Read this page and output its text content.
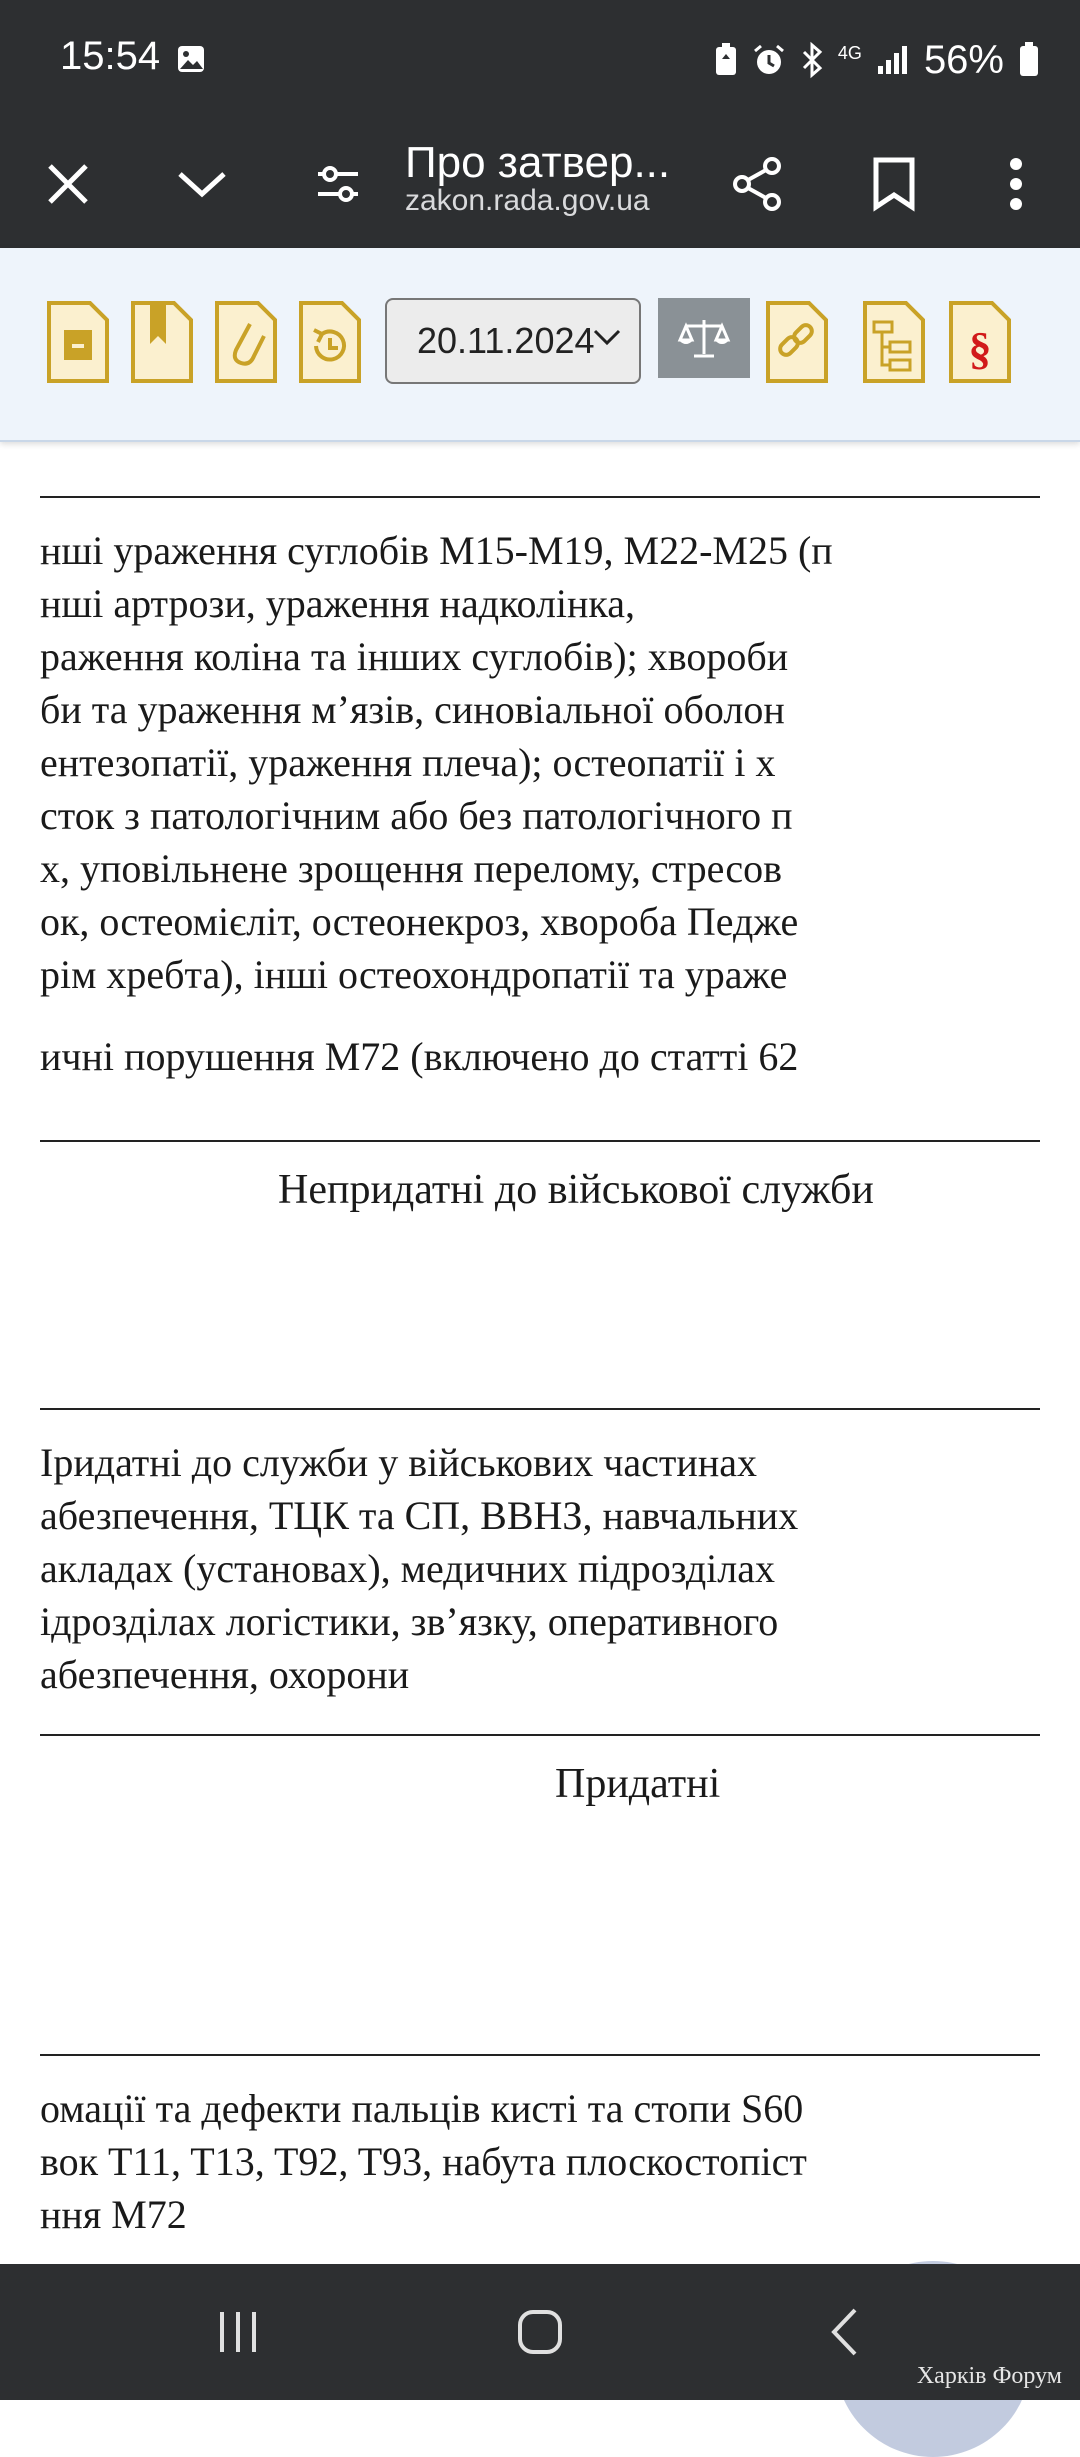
15:54	4G 56%
Про затвер...
zakon.rada.gov.ua
20.11.2024	§
нші ураження суглобів M15-M19, M22-M25 (п
нші артрози, ураження надколінка,
раження коліна та інших суглобів); хвороби
би та ураження м’язів, синовіальної оболон
ентезопатії, ураження плеча); остеопатії і х
сток з патологічним або без патологічного п
х, уповільнене зрощення перелому, стресов
ок, остеомієліт, остеонекроз, хвороба Педже
рім хребта), інші остеохондропатії та ураже
ичні порушення M72 (включено до статті 62
Непридатні до військової служби
Іридатні до служби у військових частинах
абезпечення, ТЦК та СП, ВВНЗ, навчальних
акладах (установах), медичних підрозділах
ідрозділах логістики, зв’язку, оперативного
абезпечення, охорони
Придатні
омації та дефекти пальців кисті та стопи S60
вок T11, T13, T92, T93, набута плоскостопіст
ння M72
Харків Форум
